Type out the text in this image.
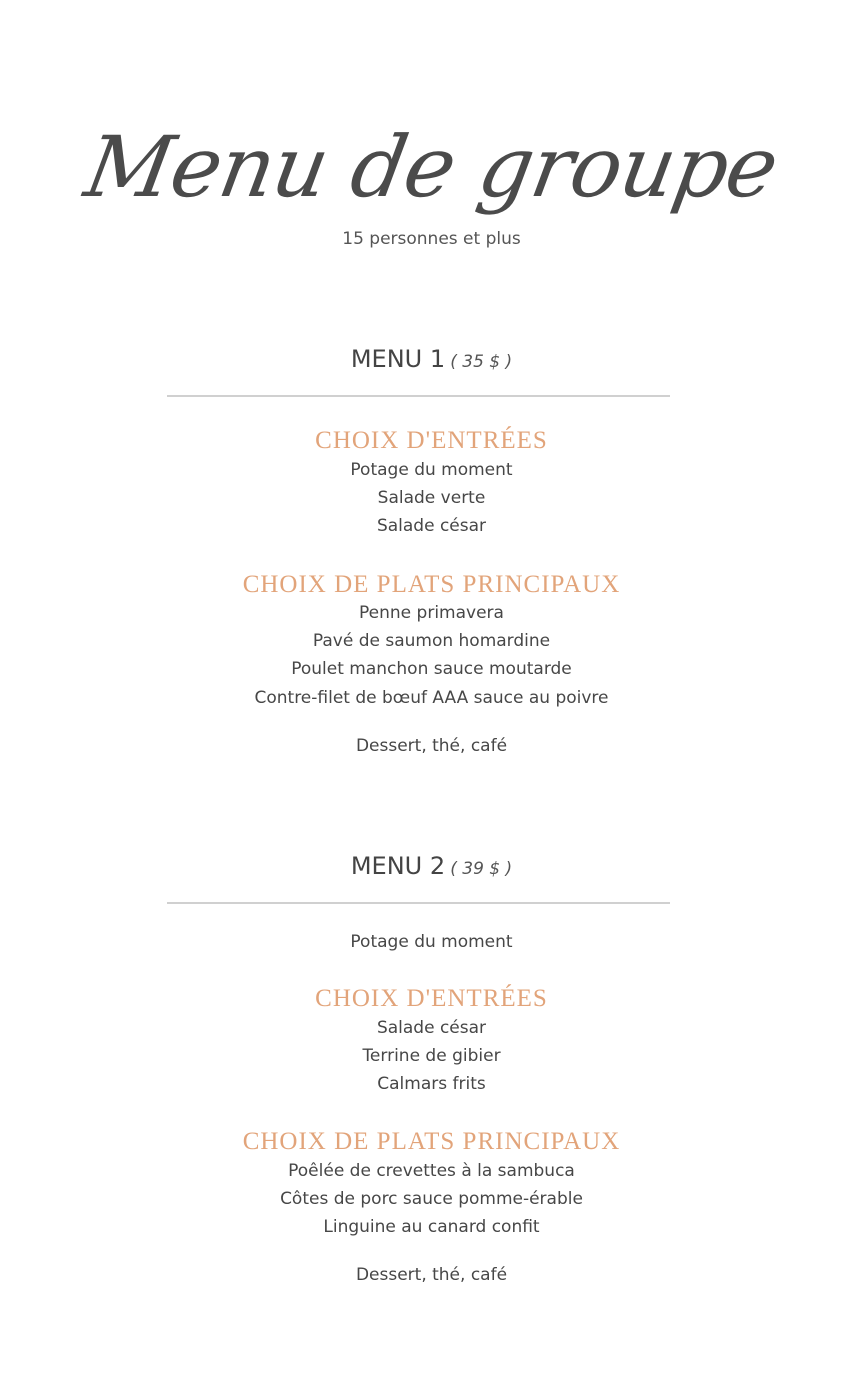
Menu de groupe
15 personnes et plus
MENU 1 ( 35 $ )
CHOIX D'ENTRÉES
Potage du moment
Salade verte
Salade césar
CHOIX DE PLATS PRINCIPAUX
Penne primavera
Pavé de saumon homardine
Poulet manchon sauce moutarde
Contre-filet de bœuf AAA sauce au poivre
Dessert, thé, café
MENU 2 ( 39 $ )
Potage du moment
CHOIX D'ENTRÉES
Salade césar
Terrine de gibier
Calmars frits
CHOIX DE PLATS PRINCIPAUX
Poêlée de crevettes à la sambuca
Côtes de porc sauce pomme-érable
Linguine au canard confit
Dessert, thé, café
